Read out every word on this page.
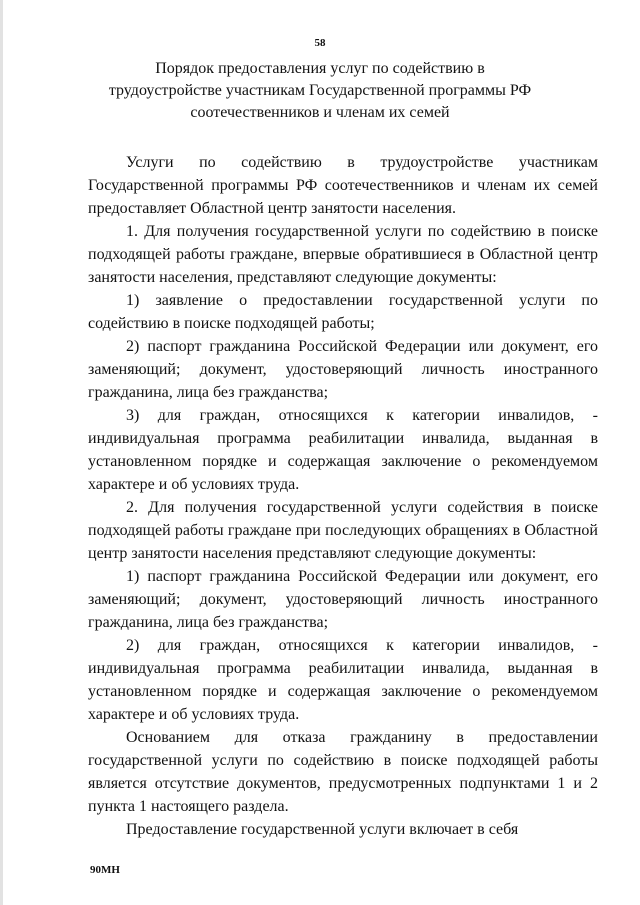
58
Порядок предоставления услуг по содействию в трудоустройстве участникам Государственной программы РФ соотечественников и членам их семей

Услуги по содействию в трудоустройстве участникам Государственной программы РФ соотечественников и членам их семей предоставляет Областной центр занятости населения.

1. Для получения государственной услуги по содействию в поиске подходящей работы граждане, впервые обратившиеся в Областной центр занятости населения, представляют следующие документы:

1) заявление о предоставлении государственной услуги по содействию в поиске подходящей работы;

2) паспорт гражданина Российской Федерации или документ, его заменяющий; документ, удостоверяющий личность иностранного гражданина, лица без гражданства;

3) для граждан, относящихся к категории инвалидов, - индивидуальная программа реабилитации инвалида, выданная в установленном порядке и содержащая заключение о рекомендуемом характере и об условиях труда.

2. Для получения государственной услуги содействия в поиске подходящей работы граждане при последующих обращениях в Областной центр занятости населения представляют следующие документы:

1) паспорт гражданина Российской Федерации или документ, его заменяющий; документ, удостоверяющий личность иностранного гражданина, лица без гражданства;

2) для граждан, относящихся к категории инвалидов, - индивидуальная программа реабилитации инвалида, выданная в установленном порядке и содержащая заключение о рекомендуемом характере и об условиях труда.

Основанием для отказа гражданину в предоставлении государственной услуги по содействию в поиске подходящей работы является отсутствие документов, предусмотренных подпунктами 1 и 2 пункта 1 настоящего раздела.

Предоставление государственной услуги включает в себя

90МН
